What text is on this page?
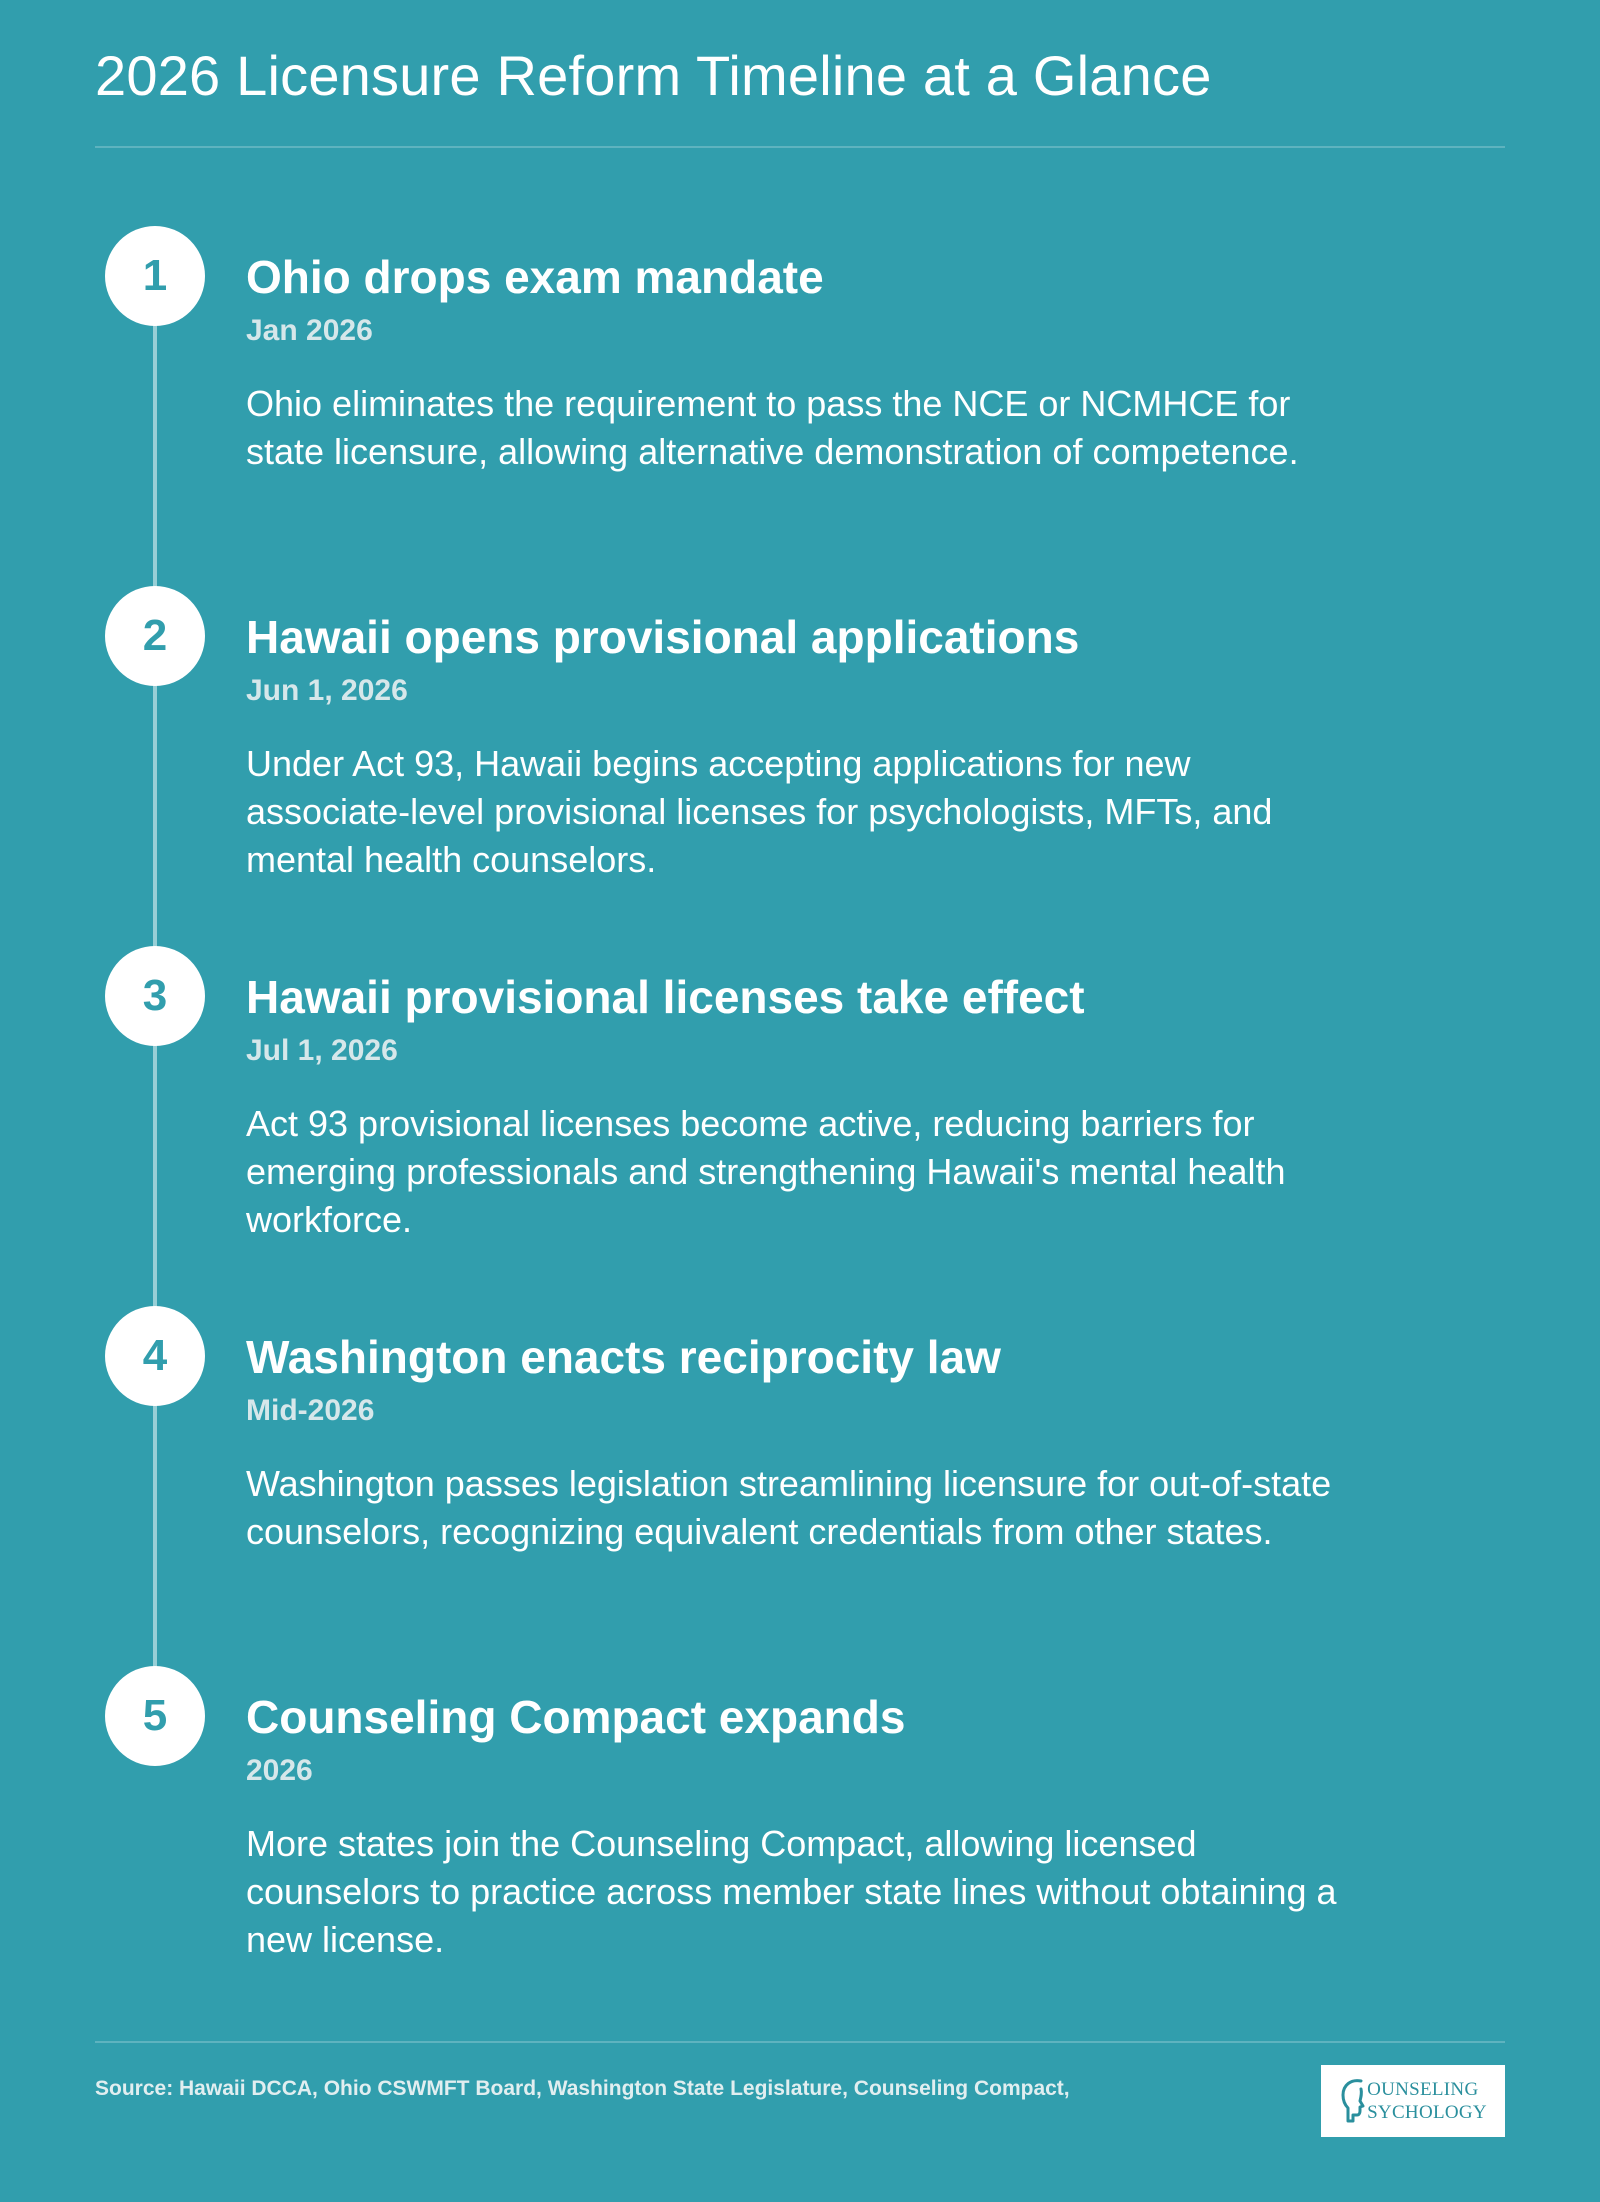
2026 Licensure Reform Timeline at a Glance
1	Ohio drops exam mandate
Jan 2026

Ohio eliminates the requirement to pass the NCE or NCMHCE for state licensure, allowing alternative demonstration of competence.

2	Hawaii opens provisional applications
Jun 1, 2026

Under Act 93, Hawaii begins accepting applications for new associate-level provisional licenses for psychologists, MFTs, and mental health counselors.

3	Hawaii provisional licenses take effect
Jul 1, 2026

Act 93 provisional licenses become active, reducing barriers for emerging professionals and strengthening Hawaii's mental health workforce.

4	Washington enacts reciprocity law
Mid-2026

Washington passes legislation streamlining licensure for out-of-state counselors, recognizing equivalent credentials from other states.

5	Counseling Compact expands
2026

More states join the Counseling Compact, allowing licensed counselors to practice across member state lines without obtaining a new license.

Source: Hawaii DCCA, Ohio CSWMFT Board, Washington State Legislature, Counseling Compact,	OUNSELING
SYCHOLOGY
